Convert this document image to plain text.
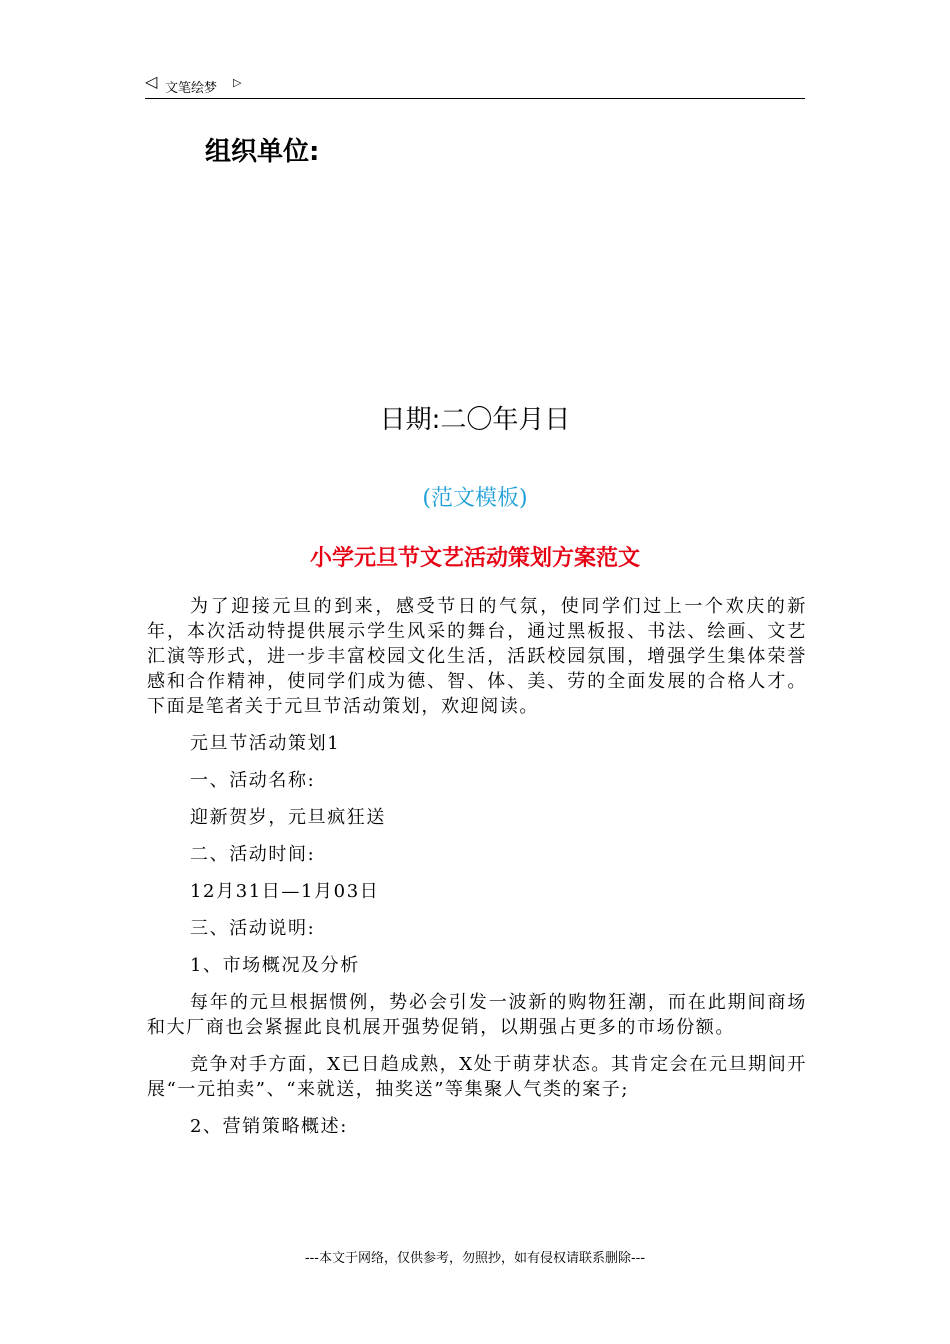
◁ 文笔绘梦 ▷
组织单位:
日期:二〇年月日
(范文模板)
小学元旦节文艺活动策划方案范文

为了迎接元旦的到来，感受节日的气氛，使同学们过上一个欢庆的新年，本次活动特提供展示学生风采的舞台，通过黑板报、书法、绘画、文艺汇演等形式，进一步丰富校园文化生活，活跃校园氛围，增强学生集体荣誉感和合作精神，使同学们成为德、智、体、美、劳的全面发展的合格人才。下面是笔者关于元旦节活动策划，欢迎阅读。

元旦节活动策划1

一、活动名称:

迎新贺岁，元旦疯狂送

二、活动时间:

12月31日—1月03日

三、活动说明:

1、市场概况及分析

每年的元旦根据惯例，势必会引发一波新的购物狂潮，而在此期间商场和大厂商也会紧握此良机展开强势促销，以期强占更多的市场份额。

竞争对手方面，X已日趋成熟，X处于萌芽状态。其肯定会在元旦期间开展“一元拍卖”、“来就送，抽奖送”等集聚人气类的案子;

2、营销策略概述:

---本文于网络，仅供参考，勿照抄，如有侵权请联系删除---
